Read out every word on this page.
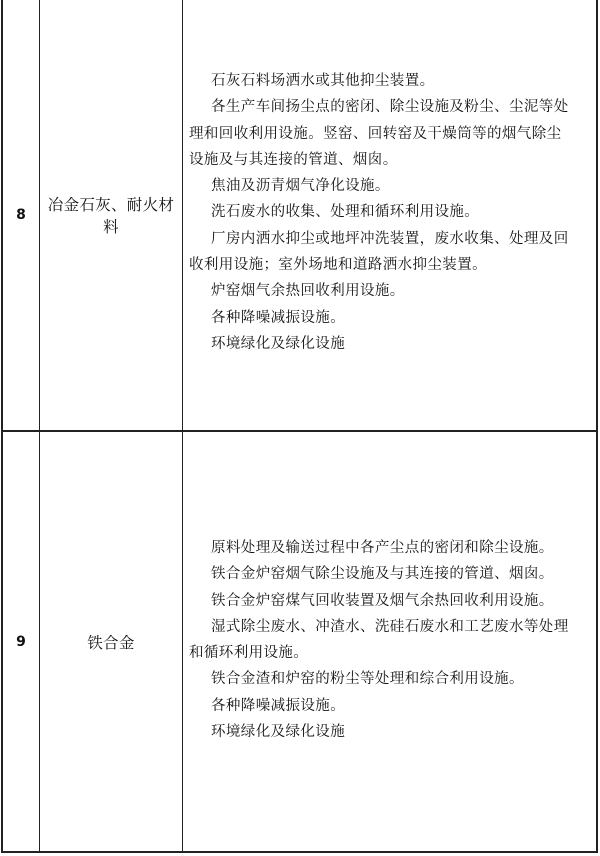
8
冶金石灰、耐火材料
石灰石料场洒水或其他抑尘装置。
各生产车间扬尘点的密闭、除尘设施及粉尘、尘泥等处
理和回收利用设施。竖窑、回转窑及干燥筒等的烟气除尘
设施及与其连接的管道、烟囱。
焦油及沥青烟气净化设施。
洗石废水的收集、处理和循环利用设施。
厂房内洒水抑尘或地坪冲洗装置，废水收集、处理及回
收利用设施；室外场地和道路洒水抑尘装置。
炉窑烟气余热回收利用设施。
各种降噪减振设施。
环境绿化及绿化设施
9	铁合金
原料处理及输送过程中各产尘点的密闭和除尘设施。
铁合金炉窑烟气除尘设施及与其连接的管道、烟囱。
铁合金炉窑煤气回收装置及烟气余热回收利用设施。
湿式除尘废水、冲渣水、洗硅石废水和工艺废水等处理
和循环利用设施。
铁合金渣和炉窑的粉尘等处理和综合利用设施。
各种降噪减振设施。
环境绿化及绿化设施
